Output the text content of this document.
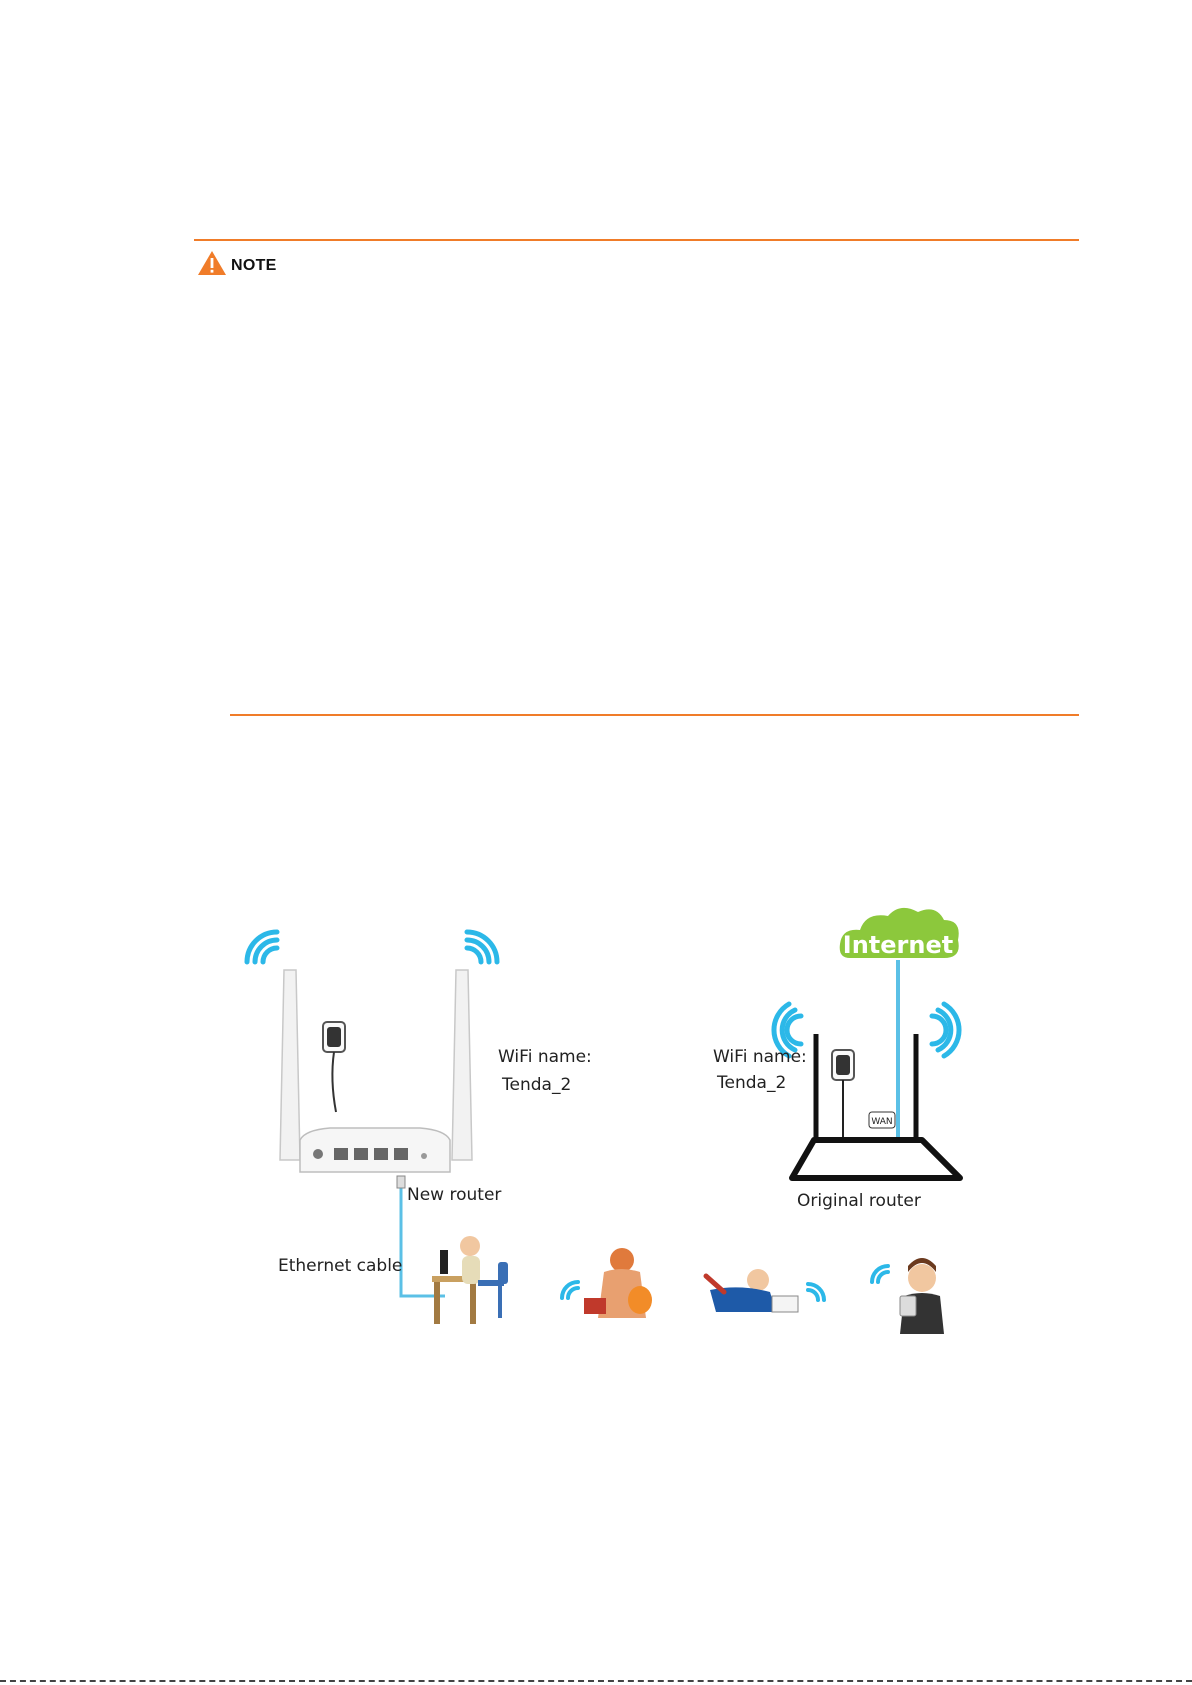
NOTE
WiFi name:
Tenda_2
New router
Ethernet cable
Internet
WAN
WiFi name:
Tenda_2
Original router
